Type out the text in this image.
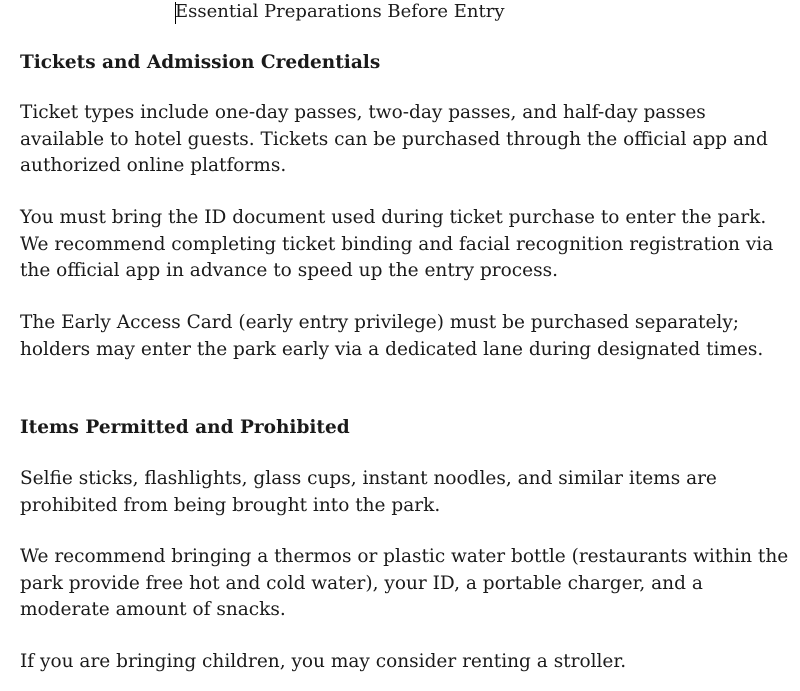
Essential Preparations Before Entry
Tickets and Admission Credentials

Ticket types include one-day passes, two-day passes, and half-day passes available to hotel guests. Tickets can be purchased through the official app and authorized online platforms.

You must bring the ID document used during ticket purchase to enter the park. We recommend completing ticket binding and facial recognition registration via the official app in advance to speed up the entry process.

The Early Access Card (early entry privilege) must be purchased separately; holders may enter the park early via a dedicated lane during designated times.

Items Permitted and Prohibited

Selfie sticks, flashlights, glass cups, instant noodles, and similar items are prohibited from being brought into the park.

We recommend bringing a thermos or plastic water bottle (restaurants within the park provide free hot and cold water), your ID, a portable charger, and a moderate amount of snacks.

If you are bringing children, you may consider renting a stroller.
